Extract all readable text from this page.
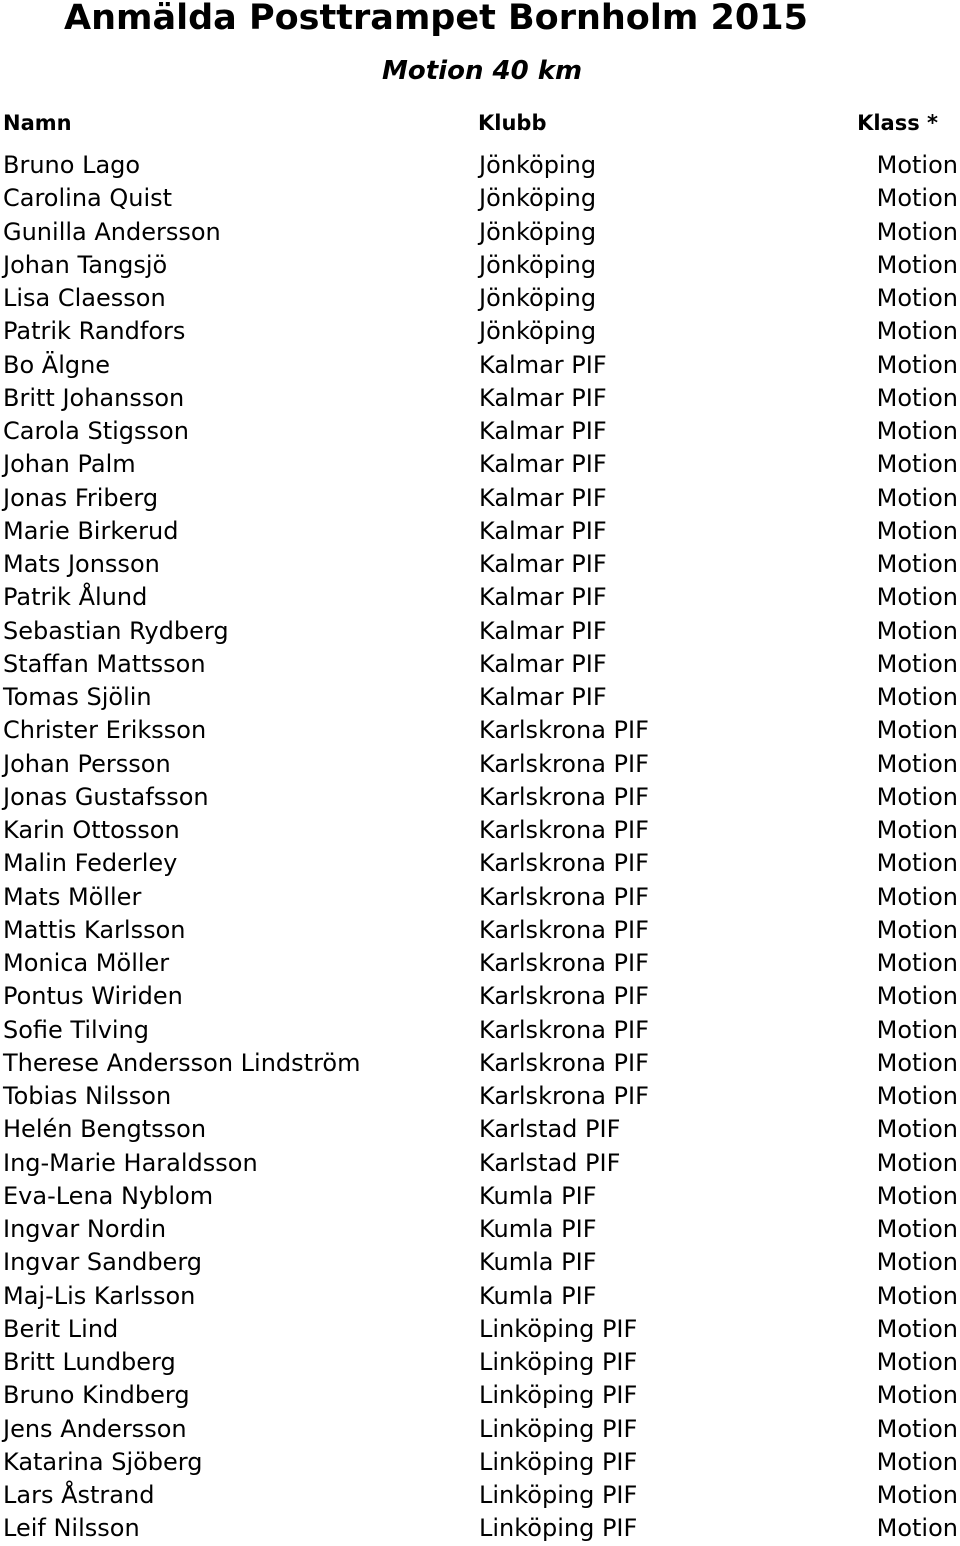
Anmälda Posttrampet Bornholm 2015
Motion 40 km
Namn	Klubb	Klass *
Bruno Lago	Jönköping	Motion
Carolina Quist	Jönköping	Motion
Gunilla Andersson	Jönköping	Motion
Johan Tangsjö	Jönköping	Motion
Lisa Claesson	Jönköping	Motion
Patrik Randfors	Jönköping	Motion
Bo Älgne	Kalmar PIF	Motion
Britt Johansson	Kalmar PIF	Motion
Carola Stigsson	Kalmar PIF	Motion
Johan Palm	Kalmar PIF	Motion
Jonas Friberg	Kalmar PIF	Motion
Marie Birkerud	Kalmar PIF	Motion
Mats Jonsson	Kalmar PIF	Motion
Patrik Ålund	Kalmar PIF	Motion
Sebastian Rydberg	Kalmar PIF	Motion
Staffan Mattsson	Kalmar PIF	Motion
Tomas Sjölin	Kalmar PIF	Motion
Christer Eriksson	Karlskrona PIF	Motion
Johan Persson	Karlskrona PIF	Motion
Jonas Gustafsson	Karlskrona PIF	Motion
Karin Ottosson	Karlskrona PIF	Motion
Malin Federley	Karlskrona PIF	Motion
Mats Möller	Karlskrona PIF	Motion
Mattis Karlsson	Karlskrona PIF	Motion
Monica Möller	Karlskrona PIF	Motion
Pontus Wiriden	Karlskrona PIF	Motion
Sofie Tilving	Karlskrona PIF	Motion
Therese Andersson Lindström	Karlskrona PIF	Motion
Tobias Nilsson	Karlskrona PIF	Motion
Helén Bengtsson	Karlstad PIF	Motion
Ing-Marie Haraldsson	Karlstad PIF	Motion
Eva-Lena Nyblom	Kumla PIF	Motion
Ingvar Nordin	Kumla PIF	Motion
Ingvar Sandberg	Kumla PIF	Motion
Maj-Lis Karlsson	Kumla PIF	Motion
Berit Lind	Linköping PIF	Motion
Britt Lundberg	Linköping PIF	Motion
Bruno Kindberg	Linköping PIF	Motion
Jens Andersson	Linköping PIF	Motion
Katarina Sjöberg	Linköping PIF	Motion
Lars Åstrand	Linköping PIF	Motion
Leif Nilsson	Linköping PIF	Motion
